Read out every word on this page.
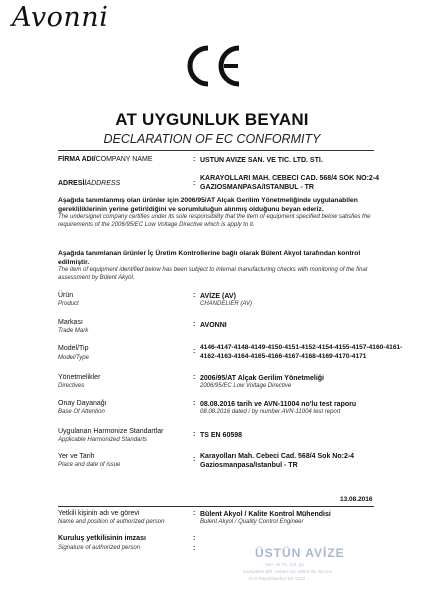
Avonni
AT UYGUNLUK BEYANI
DECLARATION OF EC CONFORMITY
FİRMA ADI/COMPANY NAME	: USTUN AVIZE SAN. VE TIC. LTD. STI.
ADRESİ/ADDRESS	:
KARAYOLLARI MAH. CEBECI CAD. 568/4 SOK NO:2-4
GAZIOSMANPASA/ISTANBUL - TR
Aşağıda tanımlanmış olan ürünler için 2006/95/AT Alçak Gerilim Yönetmeliğinde uygulanabilen gerekliliklerinin yerine getirildiğini ve sorumluluğun alınmış olduğunu beyan ederiz.
The undersignet company certifies under its sole responsibility that the item of equipment specified below satisfies the requirements of the 2006/95/EC Low Voltage Directive which is apply to it.
Aşağıda tanımlanan ürünler İç Üretim Kontrollerine bağlı olarak Bülent Akyol tarafından kontrol edilmiştir.
The item of equipment identified below has been subject to internal manufacturing checks with monitoring of the final assessment by Bülent Akyol.
Ürün
Product
: AVİZE (AV)
CHANDELIER (AV)
Markası
Trade Mark
: AVONNI
Model/Tip
Model/Type
:
4146-4147-4148-4149-4150-4151-4152-4154-4155-4157-4160-4161-
4162-4163-4164-4165-4166-4167-4168-4169-4170-4171
Yönetmelikler
Directives
: 2006/95/AT Alçak Gerilim Yönetmeliği
2006/95/EC Low Voltage Directive
Onay Dayanağı
Base Of Attention
: 08.08.2016 tarih ve AVN-11004 no'lu test raporu
08.08.2016 dated / by number AVN-11004 test report
Uygulanan Harmonize Standartlar
Applicable Harmonized Standarts
: TS EN 60598
Yer ve Tarih
Place and date of issue
: Karayolları Mah. Cebeci Cad. 568/4 Sok No:2-4
Gaziosmanpasa/Istanbul - TR
13.08.2016
Yetkili kişinin adı ve görevi
Name and position of authorized person
: Bülent Akyol / Kalite Kontrol Mühendisi
Bulent Akyol / Quality Control Engineer
Kuruluş yetkilisinin imzası
Signature of authorized person
:
:	ÜSTÜN AVİZE
San. ve Tic. Ltd. Şti.
Karayolları Mh. Cebeci Cd. 568/4 Sk. No:2-4
G.O.Paşa/İstanbul Tel: 0212 ...
